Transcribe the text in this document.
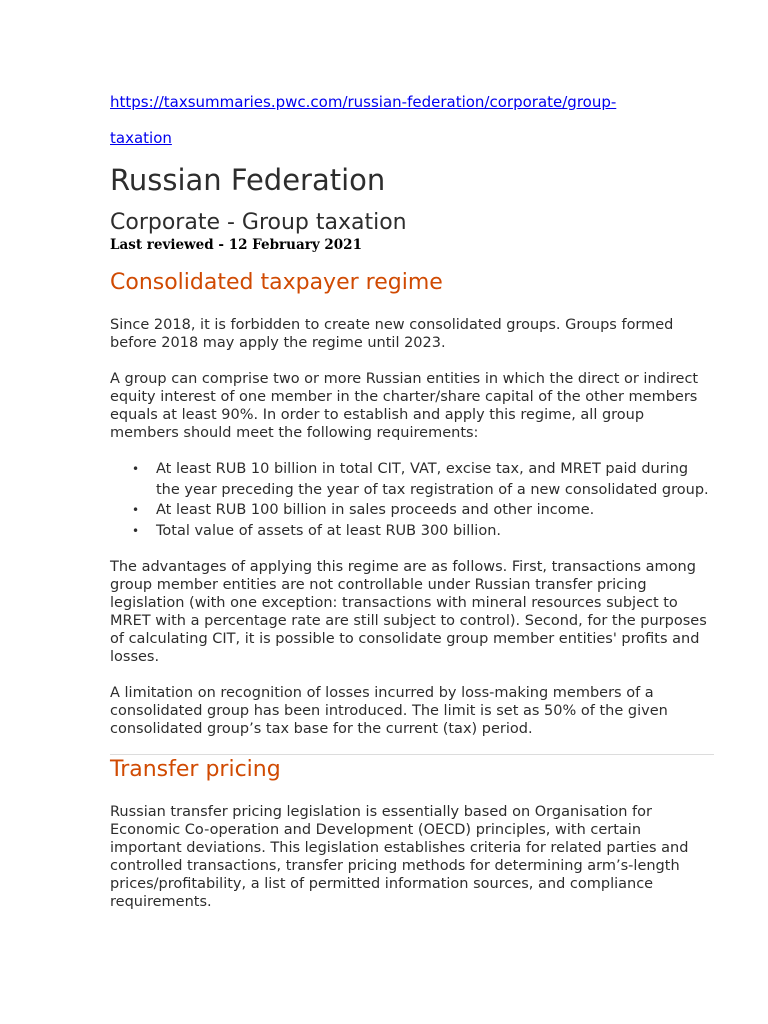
https://taxsummaries.pwc.com/russian-federation/corporate/group-
taxation
Russian Federation
Corporate - Group taxation

Last reviewed - 12 February 2021

Consolidated taxpayer regime

Since 2018, it is forbidden to create new consolidated groups. Groups formed before 2018 may apply the regime until 2023.

A group can comprise two or more Russian entities in which the direct or indirect equity interest of one member in the charter/share capital of the other members equals at least 90%. In order to establish and apply this regime, all group members should meet the following requirements:

• At least RUB 10 billion in total CIT, VAT, excise tax, and MRET paid during the year preceding the year of tax registration of a new consolidated group.
• At least RUB 100 billion in sales proceeds and other income.
• Total value of assets of at least RUB 300 billion.

The advantages of applying this regime are as follows. First, transactions among group member entities are not controllable under Russian transfer pricing legislation (with one exception: transactions with mineral resources subject to MRET with a percentage rate are still subject to control). Second, for the purposes of calculating CIT, it is possible to consolidate group member entities' profits and losses.

A limitation on recognition of losses incurred by loss-making members of a consolidated group has been introduced. The limit is set as 50% of the given consolidated group’s tax base for the current (tax) period.

Transfer pricing

Russian transfer pricing legislation is essentially based on Organisation for Economic Co-operation and Development (OECD) principles, with certain important deviations. This legislation establishes criteria for related parties and controlled transactions, transfer pricing methods for determining arm’s-length prices/profitability, a list of permitted information sources, and compliance requirements.
